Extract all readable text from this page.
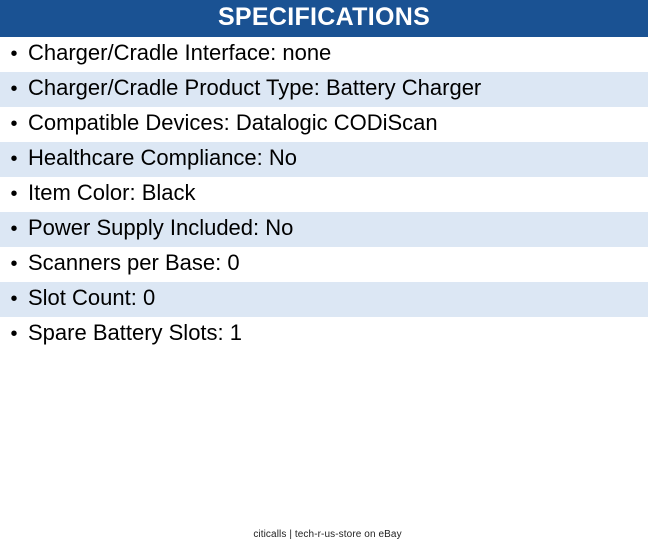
SPECIFICATIONS
• Charger/Cradle Interface: none
• Charger/Cradle Product Type: Battery Charger
• Compatible Devices: Datalogic CODiScan
• Healthcare Compliance: No
• Item Color: Black
• Power Supply Included: No
• Scanners per Base: 0
• Slot Count: 0
• Spare Battery Slots: 1
citicalls | tech-r-us-store on eBay
